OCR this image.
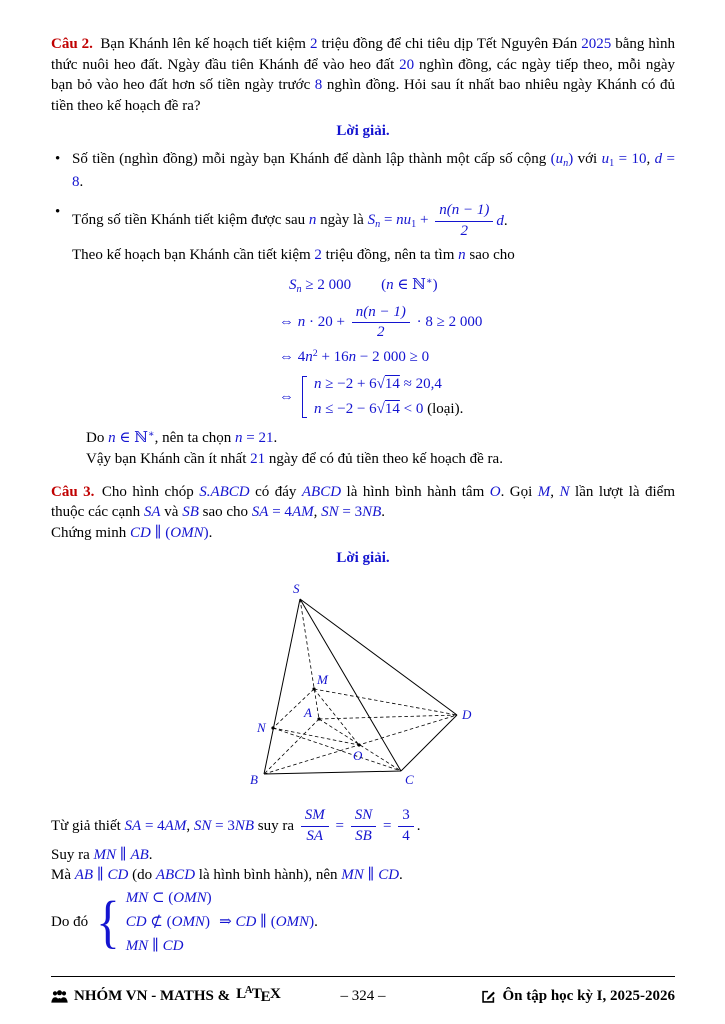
Câu 2. Bạn Khánh lên kế hoạch tiết kiệm 2 triệu đồng để chi tiêu dịp Tết Nguyên Đán 2025 bằng hình thức nuôi heo đất. Ngày đầu tiên Khánh để vào heo đất 20 nghìn đồng, các ngày tiếp theo, mỗi ngày bạn bỏ vào heo đất hơn số tiền ngày trước 8 nghìn đồng. Hỏi sau ít nhất bao nhiêu ngày Khánh có đủ tiền theo kế hoạch đề ra?
Lời giải.
•
Số tiền (nghìn đồng) mỗi ngày bạn Khánh để dành lập thành một cấp số cộng $(u_n)$ với $u_1 = 10$, d = 8.
•
Tổng số tiền Khánh tiết kiệm được sau n ngày là $S_n = nu_1 + \frac{n(n - 1)}{2} d$.
Theo kế hoạch bạn Khánh cần tiết kiệm 2 triệu đồng, nên ta tìm n sao cho
$S_n \ge 2$ 000   (n ∈ ℕ∗)
⇔ $n \cdot 20 + \frac{n(n - 1)}{2} \cdot 8 \ge 2$ 000
⇔ $4n^2 + 16n - 2$ 000 ≥ 0
⇔
n ≥ −2 + 6√14 ≈ 20,4
n ≤ −2 − 6√14 < 0 (loại).
Do n ∈ ℕ∗, nên ta chọn n = 21.
Vậy bạn Khánh cần ít nhất 21 ngày để có đủ tiền theo kế hoạch đề ra.
Câu 3. Cho hình chóp S.ABCD có đáy ABCD là hình bình hành tâm O. Gọi M, N lần lượt là điểm thuộc các cạnh SA và SB sao cho SA = 4AM, SN = 3NB.
Chứng minh CD ∥ (OMN).
Lời giải.
S
M
A
N
D
O
B	C
Từ giả thiết SA = 4AM, SN = 3NB suy ra $\frac{SM}{SA} = \frac{SN}{SB} = \frac{3}{4}$ .
Suy ra MN ∥ AB.
Mà AB ∥ CD (do ABCD là hình bình hành), nên MN ∥ CD.
Do đó { MN ⊂ (OMN)
CD ⊄ (OMN)
MN ∥ CD
⇒ CD ∥ (OMN).
NHÓM VN - MATHS & $L^ATEX$	– 324 –	Ôn tập học kỳ I, 2025-2026
